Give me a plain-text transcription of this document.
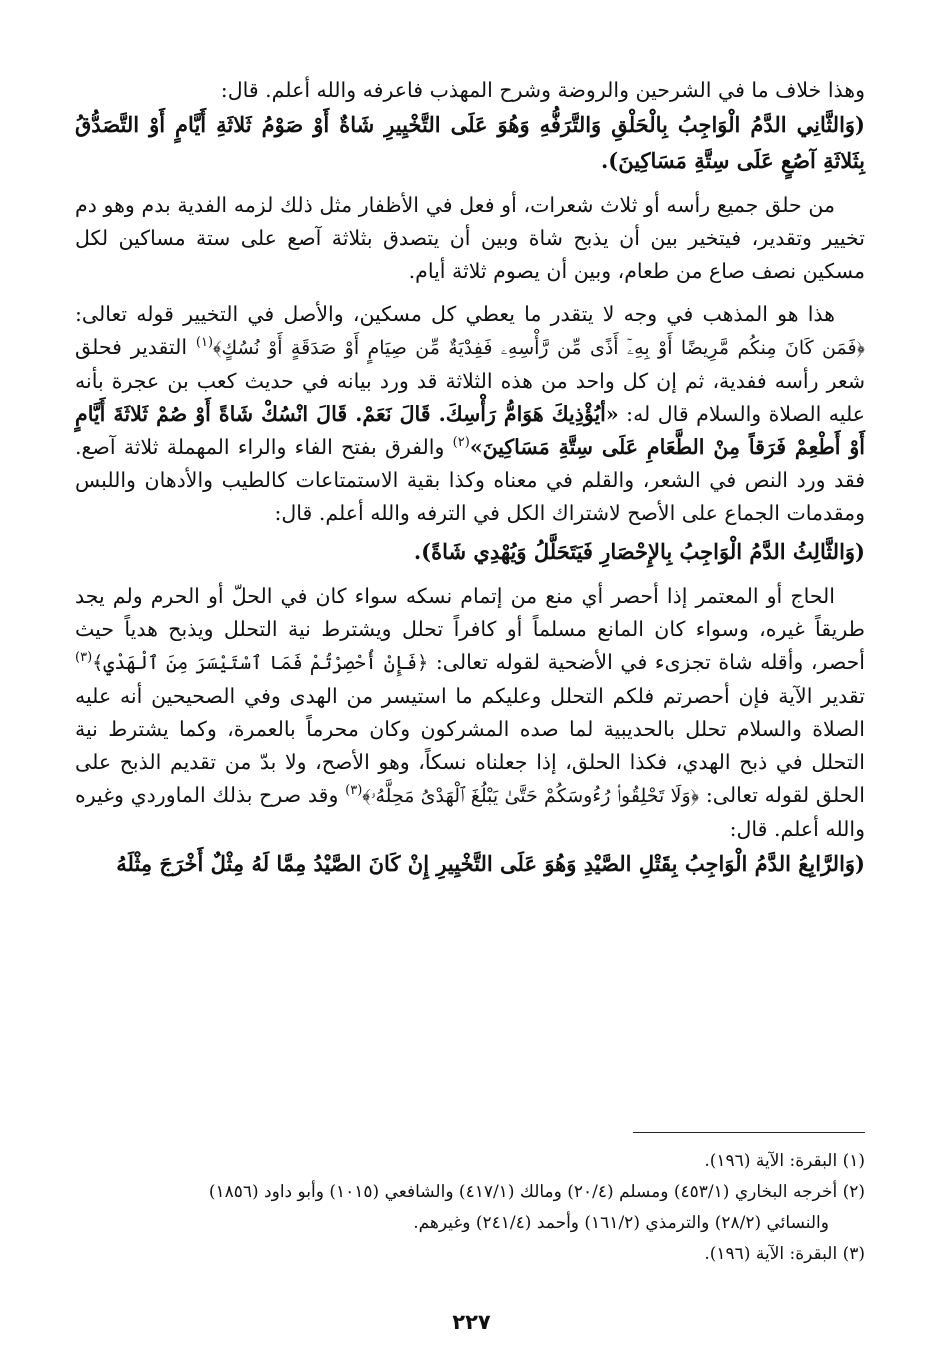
وهذا خلاف ما في الشرحين والروضة وشرح المهذب فاعرفه والله أعلم. قال:

(وَالثَّانِي الدَّمُ الْوَاجِبُ بِالْحَلْقِ وَالتَّرَفُّهِ وَهُوَ عَلَى التَّخْيِيرِ شَاةٌ أَوْ صَوْمُ ثَلاثَةِ أَيَّامٍ أَوْ التَّصَدُّقُ بِثَلاثَةِ آصُعٍ عَلَى سِتَّةِ مَسَاكِينَ).

من حلق جميع رأسه أو ثلاث شعرات، أو فعل في الأظفار مثل ذلك لزمه الفدية بدم وهو دم تخيير وتقدير، فيتخير بين أن يذبح شاة وبين أن يتصدق بثلاثة آصع على ستة مساكين لكل مسكين نصف صاع من طعام، وبين أن يصوم ثلاثة أيام.

هذا هو المذهب في وجه لا يتقدر ما يعطي كل مسكين، والأصل في التخيير قوله تعالى: ﴿فَمَن كَانَ مِنكُم مَّرِيضًا أَوْ بِهِۦٓ أَذًى مِّن رَّأْسِهِۦ فَفِدْيَةٌ مِّن صِيَامٍ أَوْ صَدَقَةٍ أَوْ نُسُكٍ﴾$^{(١)}$ التقدير فحلق شعر رأسه ففدية، ثم إن كل واحد من هذه الثلاثة قد ورد بيانه في حديث كعب بن عجرة بأنه عليه الصلاة والسلام قال له: «أيُؤْذِيكَ هَوَامُّ رَأْسِكَ. قَالَ نَعَمْ. قَالَ انْسُكْ شَاةً أَوْ صُمْ ثَلاثَةَ أَيَّامٍ أَوْ أَطْعِمْ فَرَقاً مِنْ الطَّعَامِ عَلَى سِتَّةِ مَسَاكِينَ»$^{(٢)}$ والفرق بفتح الفاء والراء المهملة ثلاثة آصع. فقد ورد النص في الشعر، والقلم في معناه وكذا بقية الاستمتاعات كالطيب والأدهان واللبس ومقدمات الجماع على الأصح لاشتراك الكل في الترفه والله أعلم. قال:

(وَالثَّالِثُ الدَّمُ الْوَاجِبُ بِالإِحْصَارِ فَيَتَحَلَّلُ وَيُهْدِي شَاةً).

الحاج أو المعتمر إذا أحصر أي منع من إتمام نسكه سواء كان في الحلّ أو الحرم ولم يجد طريقاً غيره، وسواء كان المانع مسلماً أو كافراً تحلل ويشترط نية التحلل ويذبح هدياً حيث أحصر، وأقله شاة تجزىء في الأضحية لقوله تعالى: ﴿فَإِنْ أُحْصِرْتُمْ فَمَا ٱسْتَيْسَرَ مِنَ ٱلْهَدْيِ﴾$^{(٣)}$ تقدير الآية فإن أحصرتم فلكم التحلل وعليكم ما استيسر من الهدى وفي الصحيحين أنه عليه الصلاة والسلام تحلل بالحديبية لما صده المشركون وكان محرماً بالعمرة، وكما يشترط نية التحلل في ذبح الهدي، فكذا الحلق، إذا جعلناه نسكاً، وهو الأصح، ولا بدّ من تقديم الذبح على الحلق لقوله تعالى: ﴿وَلَا تَحْلِقُوا۟ رُءُوسَكُمْ حَتَّىٰ يَبْلُغَ ٱلْهَدْىُ مَحِلَّهُۥ﴾$^{(٣)}$ وقد صرح بذلك الماوردي وغيره والله أعلم. قال:

(وَالرَّابِعُ الدَّمُ الْوَاجِبُ بِقَتْلِ الصَّيْدِ وَهُوَ عَلَى التَّخْيِيرِ إِنْ كَانَ الصَّيْدُ مِمَّا لَهُ مِثْلٌ أَخْرَجَ مِثْلَهُ

(١) البقرة: الآية (١٩٦).
(٢) أخرجه البخاري (٤٥٣/١) ومسلم (٢٠/٤) ومالك (٤١٧/١) والشافعي (١٠١٥) وأبو داود (١٨٥٦)
والنسائي (٢٨/٢) والترمذي (١٦١/٢) وأحمد (٢٤١/٤) وغيرهم.
(٣) البقرة: الآية (١٩٦).
٢٢٧
